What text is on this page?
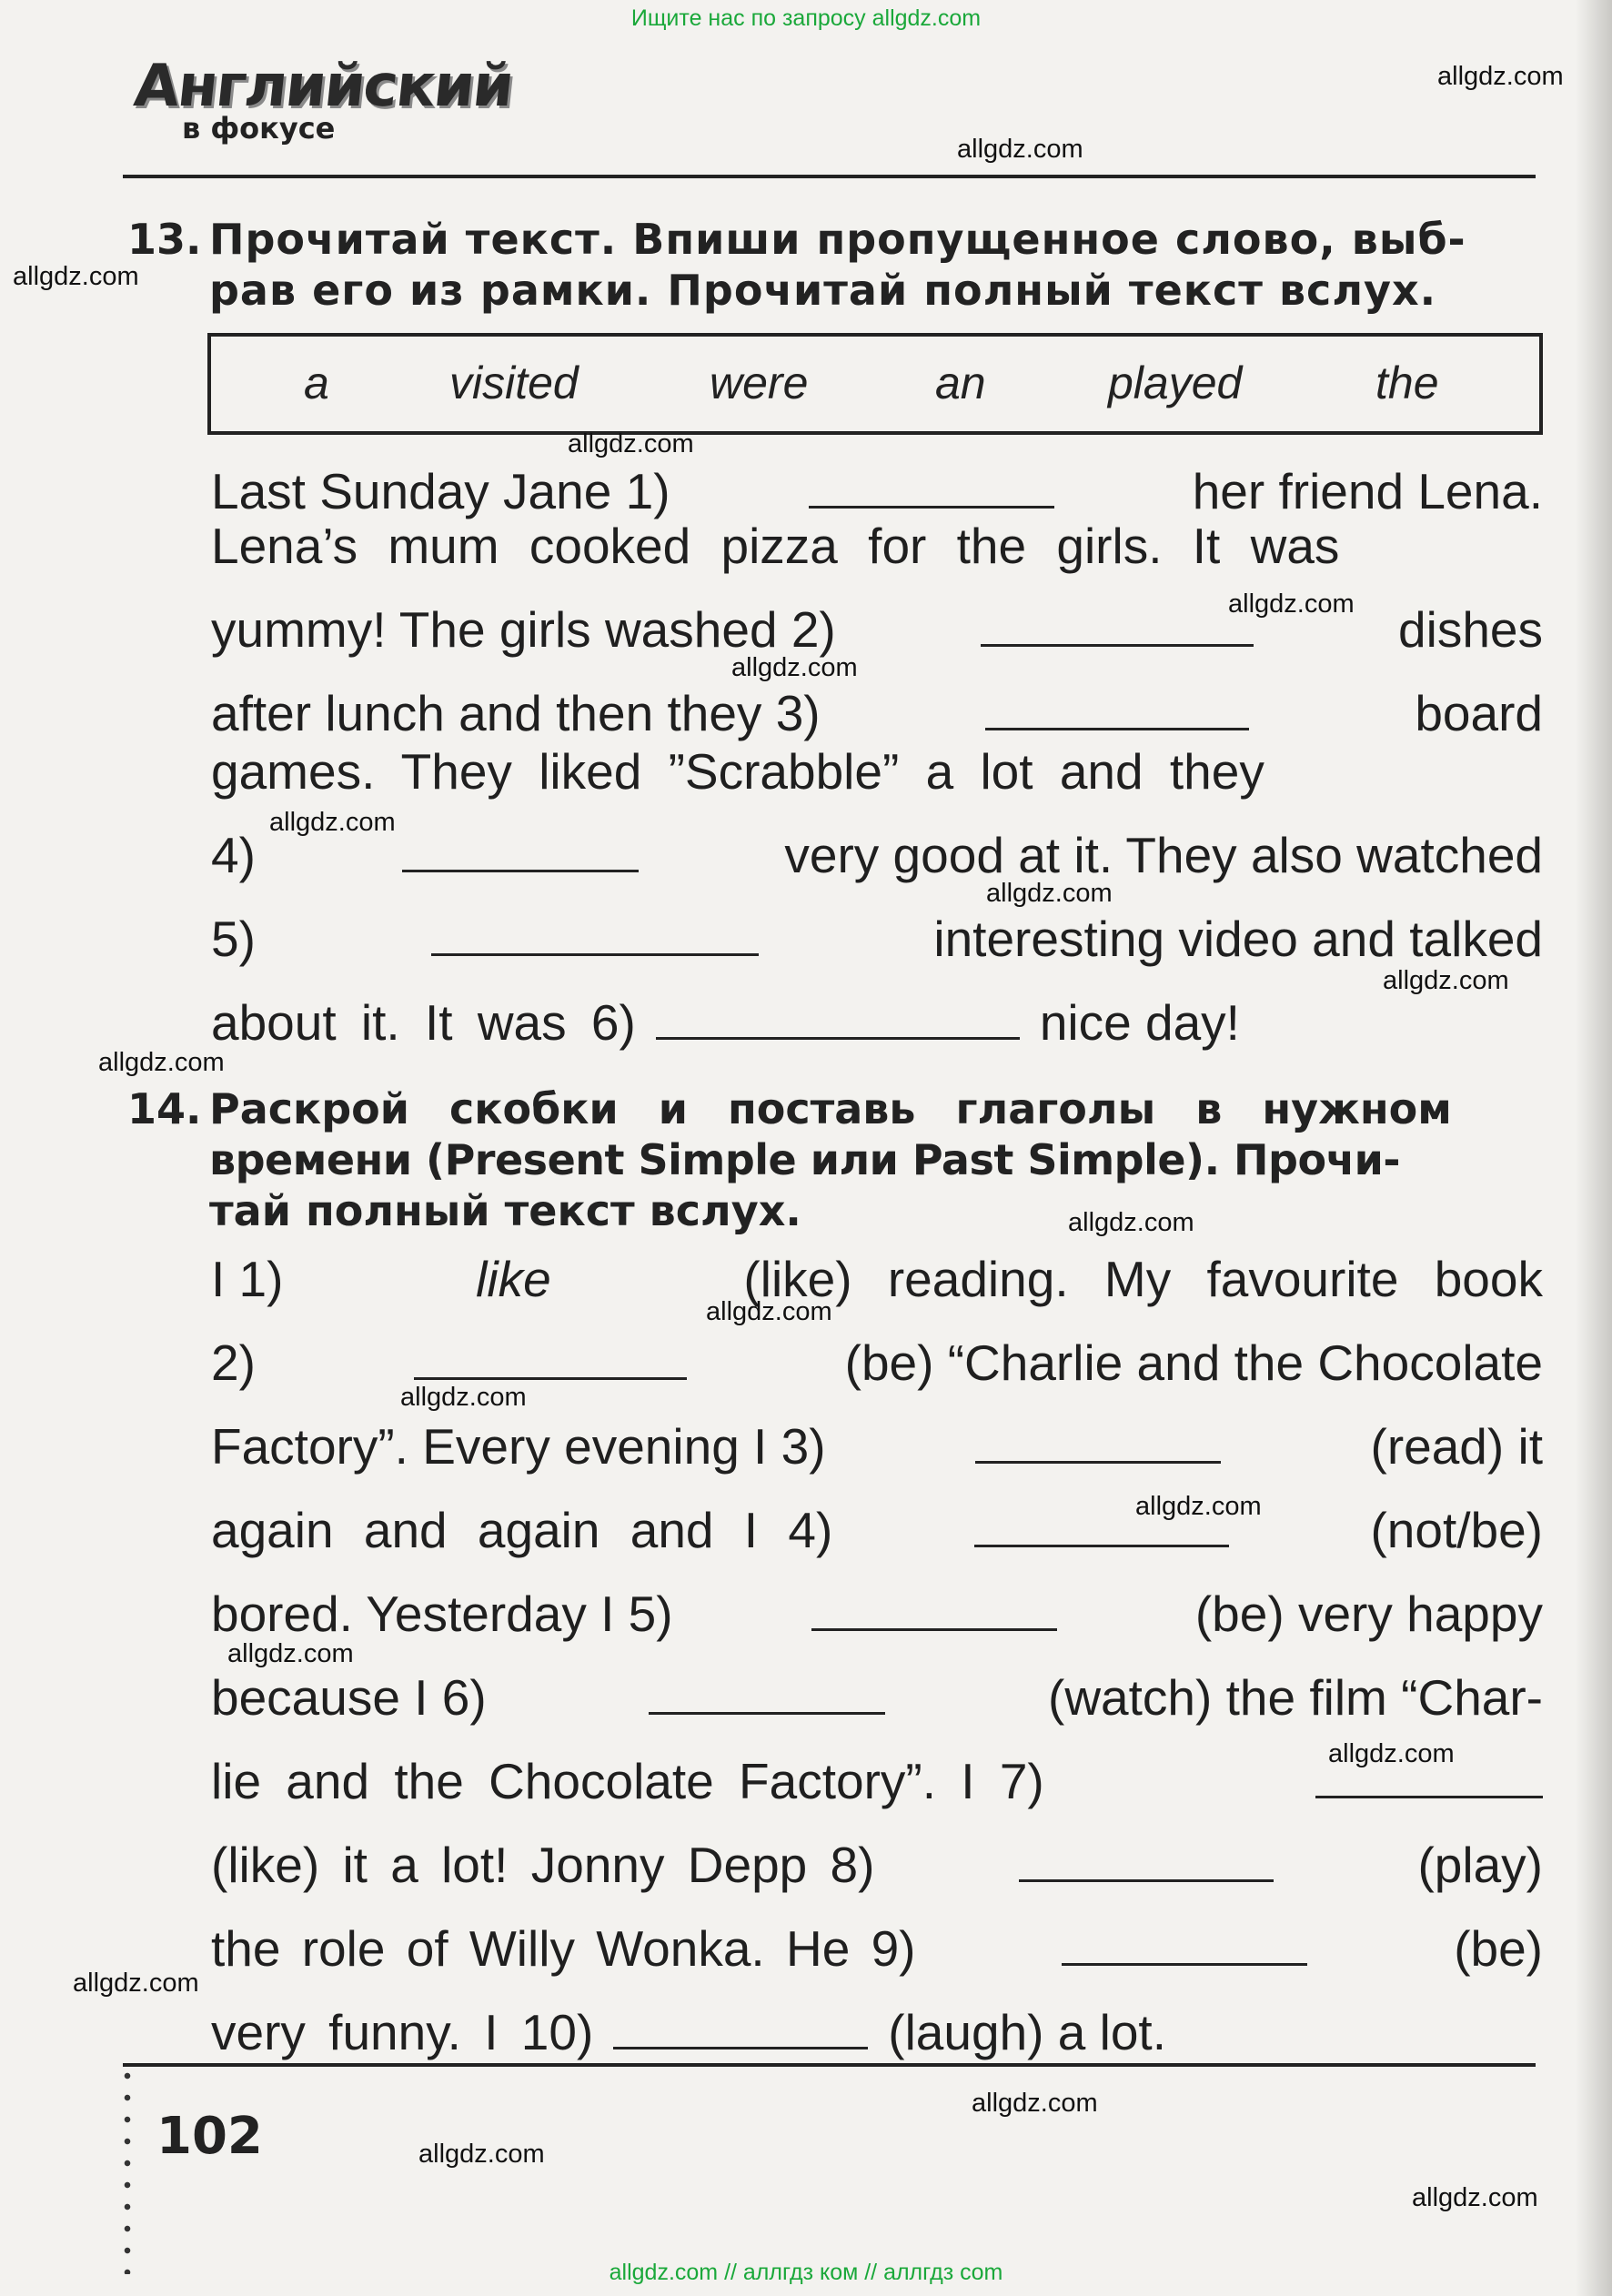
Ищите нас по запросу allgdz.com
Английский
в фокусе
13. Прочитай текст. Впиши пропущенное слово, выб-
рав его из рамки. Прочитай полный текст вслух.
a	visited	were	an	played	the
Last Sunday Jane 1)	her friend Lena.
Lena’s mum cooked pizza for the girls. It was
yummy! The girls washed 2)	dishes
after lunch and then they 3)	board
games. They liked ”Scrabble” a lot and they
4)	very good at it. They also watched
5)	interesting video and talked
about it. It was 6)	nice day!
14. Раскрой скобки и поставь глаголы в нужном
времени (Present Simple или Past Simple). Прочи-
тай полный текст вслух.
I 1)	like	(like) reading. My favourite book
2)	(be) “Charlie and the Chocolate
Factory”. Every evening I 3)	(read) it
again and again and I 4)	(not/be)
bored. Yesterday I 5)	(be) very happy
because I 6)	(watch) the film “Char-
lie and the Chocolate Factory”. I 7)
(like) it a lot! Jonny Depp 8)	(play)
the role of Willy Wonka. He 9)	(be)
very funny. I 10)	(laugh) a lot.
102
allgdz.com
allgdz.com
allgdz.com
allgdz.com
allgdz.com
allgdz.com
allgdz.com
allgdz.com
allgdz.com
allgdz.com
allgdz.com
allgdz.com
allgdz.com
allgdz.com
allgdz.com
allgdz.com
allgdz.com
allgdz.com
allgdz.com
allgdz.com
allgdz.com // аллгдз ком // аллгдз com
